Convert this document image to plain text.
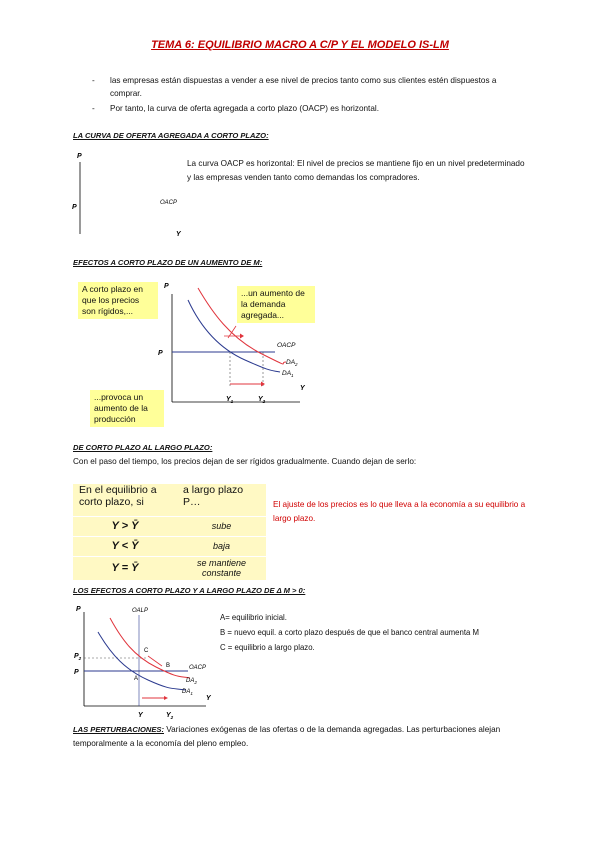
TEMA 6: EQUILIBRIO MACRO A C/P Y EL MODELO IS-LM
- las empresas están dispuestas a vender a ese nivel de precios tanto como sus clientes estén dispuestos a comprar.
- Por tanto, la curva de oferta agregada a corto plazo (OACP) es horizontal.
LA CURVA DE OFERTA AGREGADA A CORTO PLAZO:
P
P
OACP
Y
La curva OACP es horizontal: El nivel de precios se mantiene fijo en un nivel predeterminado y las empresas venden tanto como demandas los compradores.
EFECTOS A CORTO PLAZO DE UN AUMENTO DE M:
A corto plazo en que los precios son rígidos,...
...un aumento de la demanda agregada...
...provoca un aumento de la producción
P
P
OACP
$DA_2$
$DA_1$
$Y_1$	$Y_2$
Y
DE CORTO PLAZO AL LARGO PLAZO:
Con el paso del tiempo, los precios dejan de ser rígidos gradualmente. Cuando dejan de serlo:
En el equilibrio a corto plazo, si	a largo plazo P…
Y > Ȳ	sube
Y < Ȳ	baja
Y = Ȳ	se mantiene constante
El ajuste de los precios es lo que lleva a la economía a su equilibrio a largo plazo.
LOS EFECTOS A CORTO PLAZO Y A LARGO PLAZO DE Δ M > 0:
P	OALP
$P_2$
P
OACP
$DA_2$
$DA_1$
C
B
A
Y
Y	$Y_2$
A= equilibrio inicial.
B = nuevo equil. a corto plazo después de que el banco central aumenta M
C = equilibrio a largo plazo.
LAS PERTURBACIONES: Variaciones exógenas de las ofertas o de la demanda agregadas. Las perturbaciones alejan temporalmente a la economía del pleno empleo.
